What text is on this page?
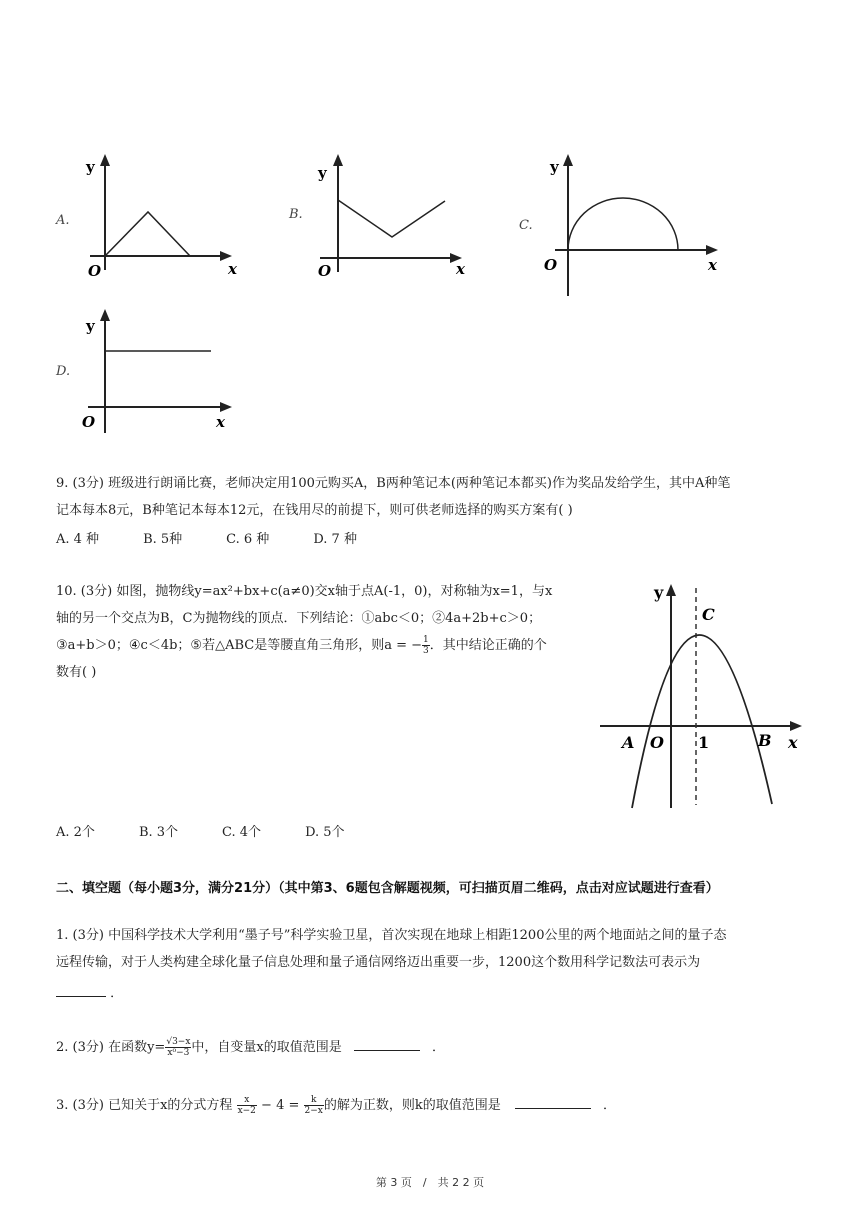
A.
y
x
O
B.
y
x
O
C.
y
x
O
D.
y
x
O
9. (3分) 班级进行朗诵比赛，老师决定用100元购买A，B两种笔记本(两种笔记本都买)作为奖品发给学生，其中A种笔
记本每本8元，B种笔记本每本12元，在钱用尽的前提下，则可供老师选择的购买方案有( )
A. 4 种	B. 5种	C. 6 种	D. 7 种
10. (3分) 如图，抛物线y=ax²+bx+c(a≠0)交x轴于点A(-1，0)，对称轴为x=1，与x
轴的另一个交点为B，C为抛物线的顶点．下列结论：①abc＜0；②4a+2b+c＞0；
③a+b＞0；④c＜4b；⑤若△ABC是等腰直角三角形，则a = − $\frac{1}{3}$ ．其中结论正确的个
数有( )
y
x
A O 1	B
C
A. 2个	B. 3个	C. 4个	D. 5个
二、填空题（每小题3分，满分21分）（其中第3、6题包含解题视频，可扫描页眉二维码，点击对应试题进行查看）
1. (3分) 中国科学技术大学利用“墨子号”科学实验卫星，首次实现在地球上相距1200公里的两个地面站之间的量子态
远程传输，对于人类构建全球化量子信息处理和量子通信网络迈出重要一步，1200这个数用科学记数法可表示为
．
2. (3分) 在函数$y= \frac{√3-x}{\text{x⁰−3}}$ 中，自变量x的取值范围是	．
3. (3分) 已知关于x的分式方程 $\frac{x}{x-2} - 4 = \frac{k}{2-x}$ 的解为正数，则k的取值范围是	．
第 3 页　/　共 2 2 页
